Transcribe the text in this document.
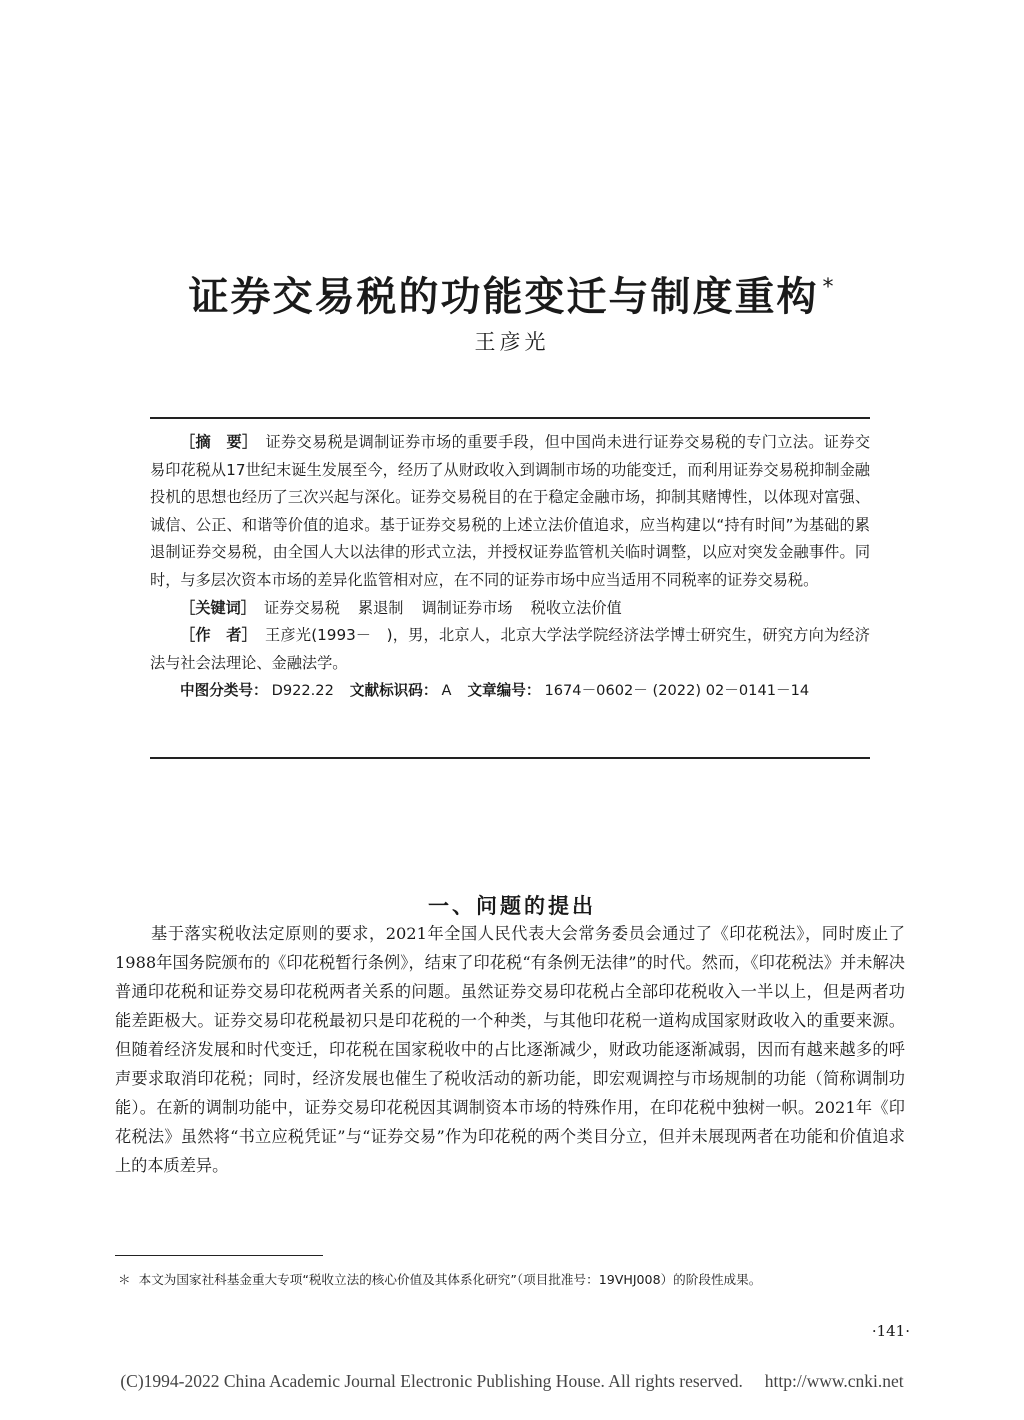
证券交易税的功能变迁与制度重构 *
王彦光

［摘　要］ 证券交易税是调制证券市场的重要手段，但中国尚未进行证券交易税的专门立法。证券交易印花税从17世纪末诞生发展至今，经历了从财政收入到调制市场的功能变迁，而利用证券交易税抑制金融投机的思想也经历了三次兴起与深化。证券交易税目的在于稳定金融市场，抑制其赌博性，以体现对富强、诚信、公正、和谐等价值的追求。基于证券交易税的上述立法价值追求，应当构建以“持有时间”为基础的累退制证券交易税，由全国人大以法律的形式立法，并授权证券监管机关临时调整，以应对突发金融事件。同时，与多层次资本市场的差异化监管相对应，在不同的证券市场中应当适用不同税率的证券交易税。

［关键词］ 证券交易税 累退制 调制证券市场 税收立法价值

［作　者］ 王彦光(1993－　)，男，北京人，北京大学法学院经济法学博士研究生，研究方向为经济法与社会法理论、金融法学。

中图分类号： D922.22 文献标识码： A 文章编号： 1674－0602－ (2022) 02－0141－14

一、问题的提出

基于落实税收法定原则的要求，2021年全国人民代表大会常务委员会通过了《印花税法》，同时废止了1988年国务院颁布的《印花税暂行条例》，结束了印花税“有条例无法律”的时代。然而，《印花税法》并未解决普通印花税和证券交易印花税两者关系的问题。虽然证券交易印花税占全部印花税收入一半以上，但是两者功能差距极大。证券交易印花税最初只是印花税的一个种类，与其他印花税一道构成国家财政收入的重要来源。但随着经济发展和时代变迁，印花税在国家税收中的占比逐渐减少，财政功能逐渐减弱，因而有越来越多的呼声要求取消印花税；同时，经济发展也催生了税收活动的新功能，即宏观调控与市场规制的功能（简称调制功能）。在新的调制功能中，证券交易印花税因其调制资本市场的特殊作用，在印花税中独树一帜。2021年《印花税法》虽然将“书立应税凭证”与“证券交易”作为印花税的两个类目分立，但并未展现两者在功能和价值追求上的本质差异。

＊ 本文为国家社科基金重大专项“税收立法的核心价值及其体系化研究”（项目批准号：19VHJ008）的阶段性成果。
·141·
(C)1994-2022 China Academic Journal Electronic Publishing House. All rights reserved.　 http://www.cnki.net
